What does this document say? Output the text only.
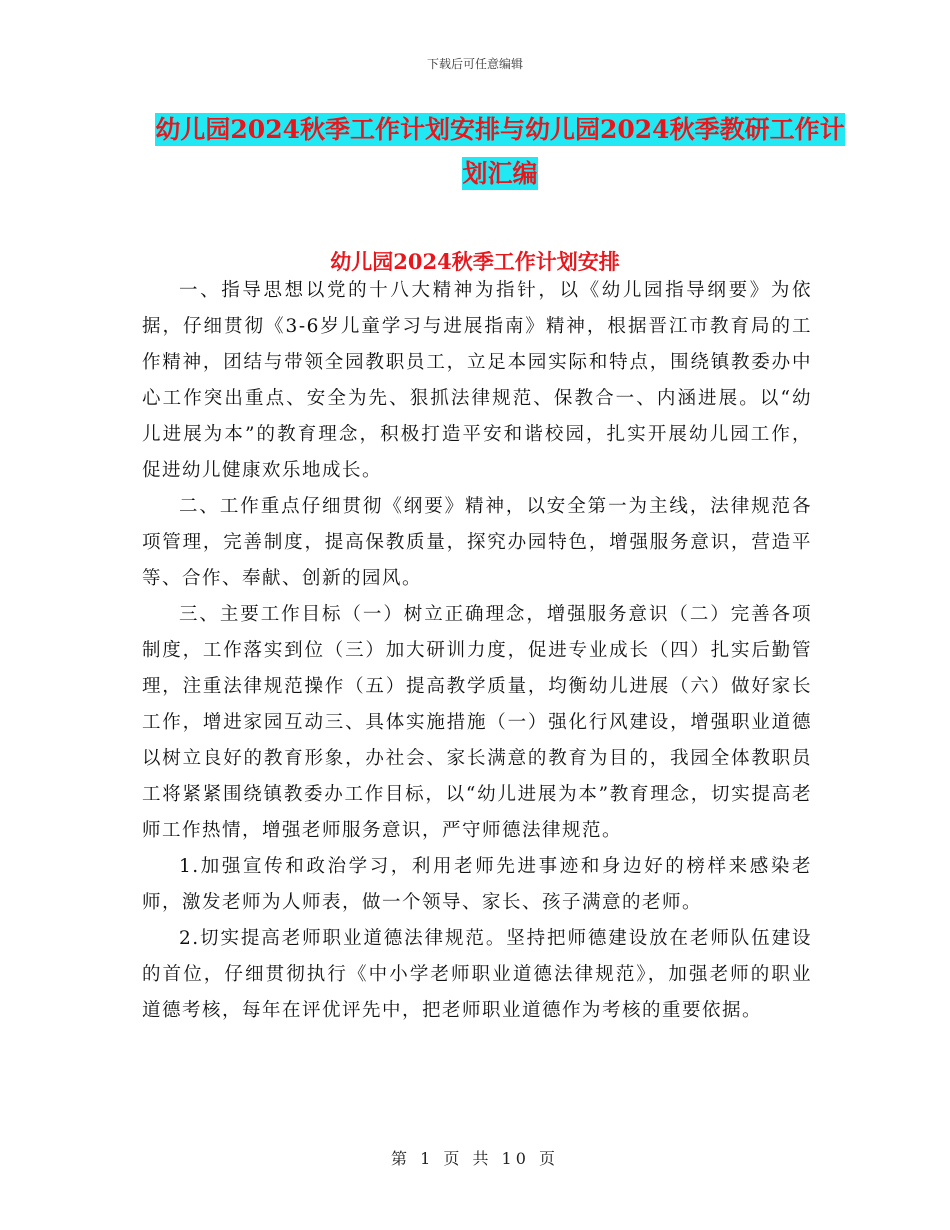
下载后可任意编辑
幼儿园2024秋季工作计划安排与幼儿园2024秋季教研工作计划汇编
幼儿园2024秋季工作计划安排

一、指导思想以党的十八大精神为指针，以《幼儿园指导纲要》为依据，仔细贯彻《3-6岁儿童学习与进展指南》精神，根据晋江市教育局的工作精神，团结与带领全园教职员工，立足本园实际和特点，围绕镇教委办中心工作突出重点、安全为先、狠抓法律规范、保教合一、内涵进展。以“幼儿进展为本”的教育理念，积极打造平安和谐校园，扎实开展幼儿园工作，促进幼儿健康欢乐地成长。

二、工作重点仔细贯彻《纲要》精神，以安全第一为主线，法律规范各项管理，完善制度，提高保教质量，探究办园特色，增强服务意识，营造平等、合作、奉献、创新的园风。

三、主要工作目标（一）树立正确理念，增强服务意识（二）完善各项制度，工作落实到位（三）加大研训力度，促进专业成长（四）扎实后勤管理，注重法律规范操作（五）提高教学质量，均衡幼儿进展（六）做好家长工作，增进家园互动三、具体实施措施（一）强化行风建设，增强职业道德以树立良好的教育形象，办社会、家长满意的教育为目的，我园全体教职员工将紧紧围绕镇教委办工作目标，以“幼儿进展为本”教育理念，切实提高老师工作热情，增强老师服务意识，严守师德法律规范。

1.加强宣传和政治学习，利用老师先进事迹和身边好的榜样来感染老师，激发老师为人师表，做一个领导、家长、孩子满意的老师。

2.切实提高老师职业道德法律规范。坚持把师德建设放在老师队伍建设的首位，仔细贯彻执行《中小学老师职业道德法律规范》，加强老师的职业道德考核，每年在评优评先中，把老师职业道德作为考核的重要依据。

第 1 页 共 10 页
